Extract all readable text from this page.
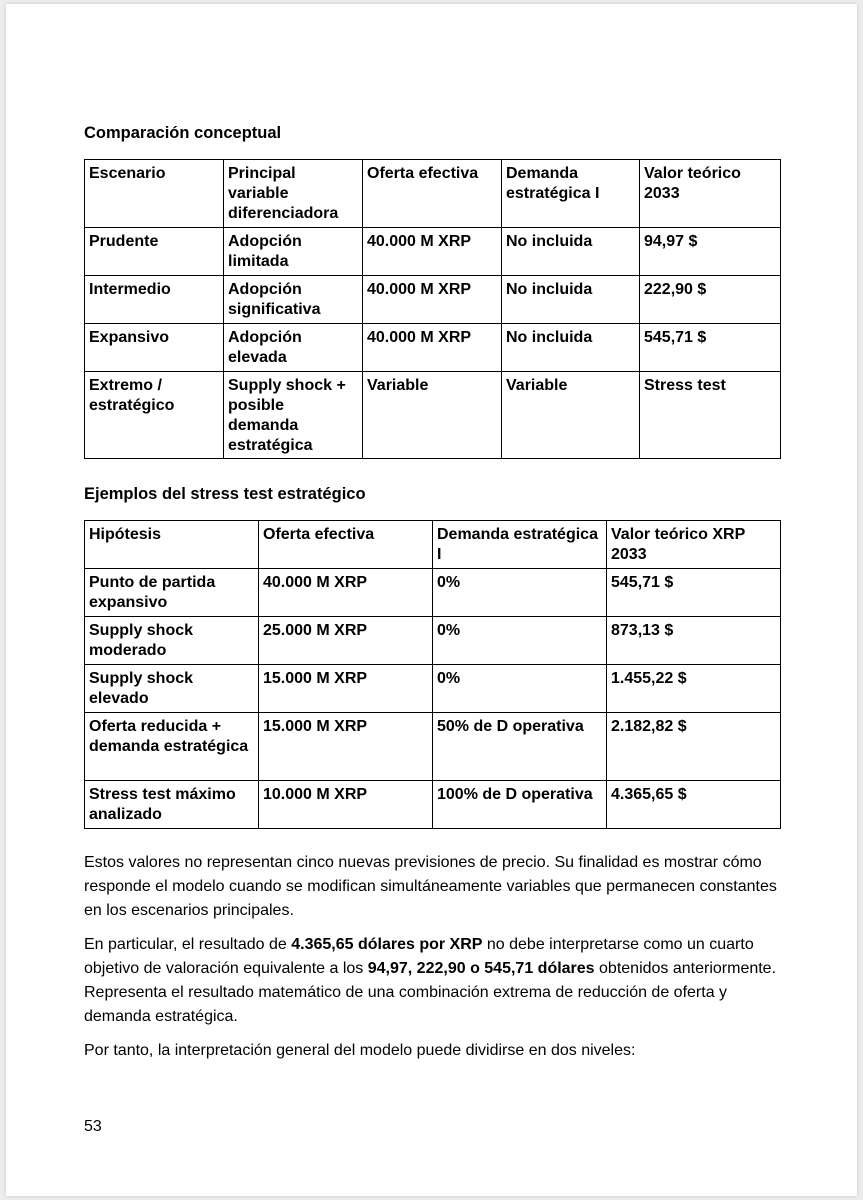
Comparación conceptual
Escenario	Principal variable diferenciadora	Oferta efectiva	Demanda estratégica I	Valor teórico 2033
Prudente	Adopción limitada	40.000 M XRP	No incluida	94,97 $
Intermedio	Adopción significativa	40.000 M XRP	No incluida	222,90 $
Expansivo	Adopción elevada	40.000 M XRP	No incluida	545,71 $
Extremo / estratégico	Supply shock + posible demanda estratégica	Variable	Variable	Stress test
Ejemplos del stress test estratégico
Hipótesis	Oferta efectiva	Demanda estratégica I	Valor teórico XRP 2033
Punto de partida expansivo	40.000 M XRP	0%	545,71 $
Supply shock moderado	25.000 M XRP	0%	873,13 $
Supply shock elevado	15.000 M XRP	0%	1.455,22 $
Oferta reducida + demanda estratégica	15.000 M XRP	50% de D operativa	2.182,82 $
Stress test máximo analizado	10.000 M XRP	100% de D operativa	4.365,65 $

Estos valores no representan cinco nuevas previsiones de precio. Su finalidad es mostrar cómo responde el modelo cuando se modifican simultáneamente variables que permanecen constantes en los escenarios principales.

En particular, el resultado de 4.365,65 dólares por XRP no debe interpretarse como un cuarto objetivo de valoración equivalente a los 94,97, 222,90 o 545,71 dólares obtenidos anteriormente. Representa el resultado matemático de una combinación extrema de reducción de oferta y demanda estratégica.

Por tanto, la interpretación general del modelo puede dividirse en dos niveles:

53
